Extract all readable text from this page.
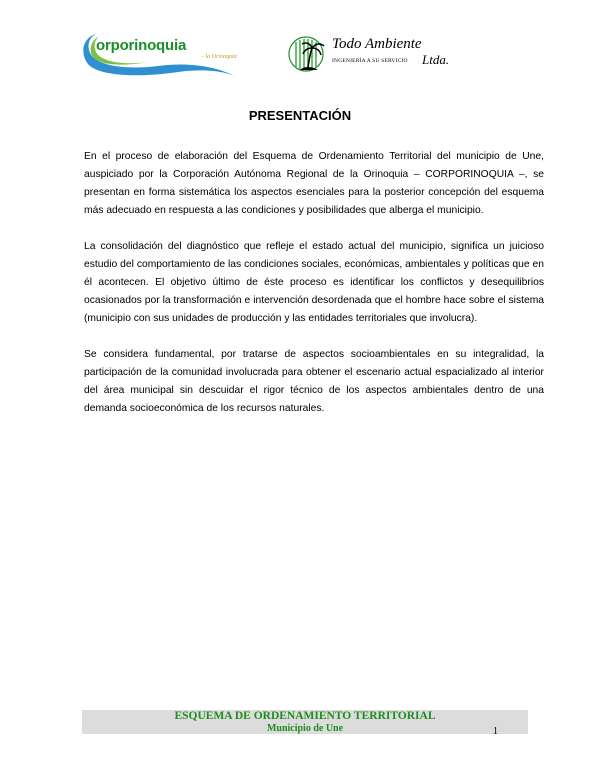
orporinoquia
- la Orinoquia
Todo Ambiente
INGENIERÍA A SU SERVICIO Ltda.
PRESENTACIÓN

En el proceso de elaboración del Esquema de Ordenamiento Territorial del municipio de Une, auspiciado por la Corporación Autónoma Regional de la Orinoquia – CORPORINOQUIA –, se presentan en forma sistemática los aspectos esenciales para la posterior concepción del esquema más adecuado en respuesta a las condiciones y posibilidades que alberga el municipio.

La consolidación del diagnóstico que refleje el estado actual del municipio, significa un juicioso estudio del comportamiento de las condiciones sociales, económicas, ambientales y políticas que en él acontecen. El objetivo último de éste proceso es identificar los conflictos y desequilibrios ocasionados por la transformación e intervención desordenada que el hombre hace sobre el sistema (municipio con sus unidades de producción y las entidades territoriales que involucra).

Se considera fundamental, por tratarse de aspectos socioambientales en su integralidad, la participación de la comunidad involucrada para obtener el escenario actual espacializado al interior del área municipal sin descuidar el rigor técnico de los aspectos ambientales dentro de una demanda socioeconómica de los recursos naturales.

ESQUEMA DE ORDENAMIENTO TERRITORIAL
Municipio de Une	1
